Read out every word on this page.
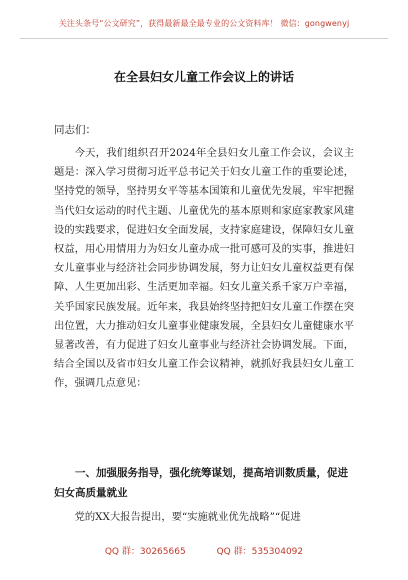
关注头条号“公文研究”，获得最新最全最专业的公文资料库！ 微信：gongwenyj
在全县妇女儿童工作会议上的讲话
同志们：

今天，我们组织召开2024年全县妇女儿童工作会议，会议主题是：深入学习贯彻习近平总书记关于妇女儿童工作的重要论述，坚持党的领导，坚持男女平等基本国策和儿童优先发展，牢牢把握当代妇女运动的时代主题、儿童优先的基本原则和家庭家教家风建设的实践要求，促进妇女全面发展，支持家庭建设，保障妇女儿童权益，用心用情用力为妇女儿童办成一批可感可及的实事，推进妇女儿童事业与经济社会同步协调发展，努力让妇女儿童权益更有保障、人生更加出彩、生活更加幸福。妇女儿童关系千家万户幸福，关乎国家民族发展。近年来，我县始终坚持把妇女儿童工作摆在突出位置，大力推动妇女儿童事业健康发展，全县妇女儿童健康水平显著改善，有力促进了妇女儿童事业与经济社会协调发展。下面，结合全国以及省市妇女儿童工作会议精神，就抓好我县妇女儿童工作，强调几点意见：

一、加强服务指导，强化统筹谋划，提高培训数质量，促进妇女高质量就业

党的XX大报告提出，要“实施就业优先战略”“促进

QQ 群：30265665	QQ 群：535304092
